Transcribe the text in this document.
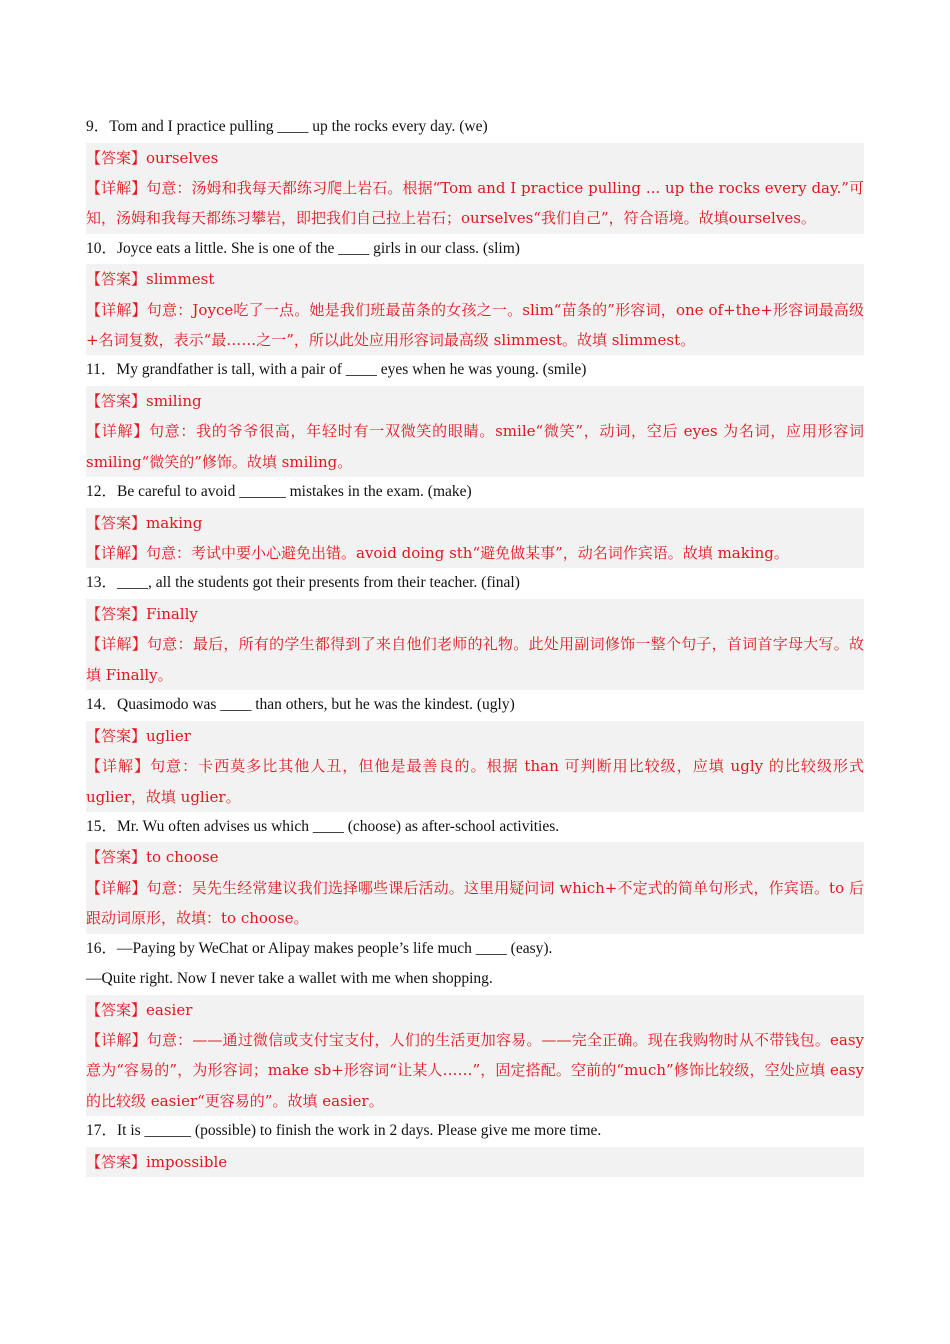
9．Tom and I practice pulling ____ up the rocks every day. (we)
【答案】ourselves

【详解】句意：汤姆和我每天都练习爬上岩石。根据“Tom and I practice pulling ... up the rocks every day.”可知，汤姆和我每天都练习攀岩，即把我们自己拉上岩石；ourselves“我们自己”，符合语境。故填ourselves。

10．Joyce eats a little. She is one of the ____ girls in our class. (slim)
【答案】slimmest

【详解】句意：Joyce吃了一点。她是我们班最苗条的女孩之一。slim“苗条的”形容词，one of+the+形容词最高级+名词复数，表示“最……之一”，所以此处应用形容词最高级 slimmest。故填 slimmest。

11．My grandfather is tall, with a pair of ____ eyes when he was young. (smile)
【答案】smiling

【详解】句意：我的爷爷很高，年轻时有一双微笑的眼睛。smile“微笑”，动词，空后 eyes 为名词，应用形容词 smiling“微笑的”修饰。故填 smiling。

12．Be careful to avoid ______ mistakes in the exam. (make)
【答案】making

【详解】句意：考试中要小心避免出错。avoid doing sth“避免做某事”，动名词作宾语。故填 making。

13．____, all the students got their presents from their teacher. (final)
【答案】Finally

【详解】句意：最后，所有的学生都得到了来自他们老师的礼物。此处用副词修饰一整个句子，首词首字母大写。故填 Finally。

14．Quasimodo was ____ than others, but he was the kindest. (ugly)
【答案】uglier

【详解】句意：卡西莫多比其他人丑，但他是最善良的。根据 than 可判断用比较级，应填 ugly 的比较级形式 uglier，故填 uglier。

15．Mr. Wu often advises us which ____ (choose) as after-school activities.
【答案】to choose

【详解】句意：吴先生经常建议我们选择哪些课后活动。这里用疑问词 which+不定式的简单句形式，作宾语。to 后跟动词原形，故填：to choose。

16．—Paying by WeChat or Alipay makes people’s life much ____ (easy).
—Quite right. Now I never take a wallet with me when shopping.
【答案】easier

【详解】句意：——通过微信或支付宝支付，人们的生活更加容易。——完全正确。现在我购物时从不带钱包。easy 意为“容易的”，为形容词；make sb+形容词“让某人……”，固定搭配。空前的“much”修饰比较级，空处应填 easy 的比较级 easier“更容易的”。故填 easier。

17．It is ______ (possible) to finish the work in 2 days. Please give me more time.
【答案】impossible
